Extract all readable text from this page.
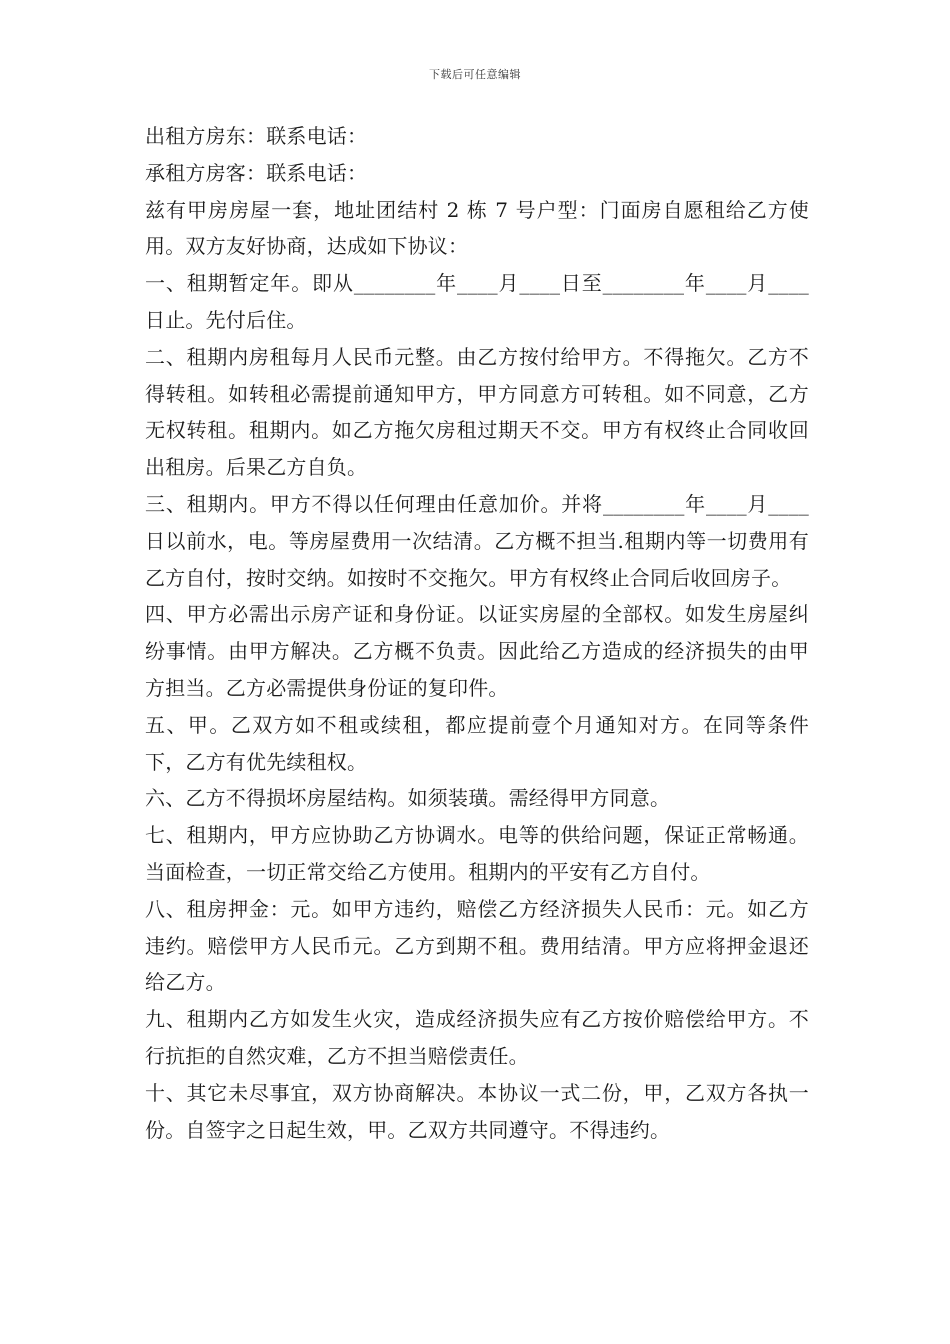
下载后可任意编辑

出租方房东：联系电话：

承租方房客：联系电话：

兹有甲房房屋一套，地址团结村 2 栋 7 号户型：门面房自愿租给乙方使用。双方友好协商，达成如下协议：

一、租期暂定年。即从________年____月____日至________年____月____日止。先付后住。

二、租期内房租每月人民币元整。由乙方按付给甲方。不得拖欠。乙方不得转租。如转租必需提前通知甲方，甲方同意方可转租。如不同意，乙方无权转租。租期内。如乙方拖欠房租过期天不交。甲方有权终止合同收回出租房。后果乙方自负。

三、租期内。甲方不得以任何理由任意加价。并将________年____月____日以前水，电。等房屋费用一次结清。乙方概不担当.租期内等一切费用有乙方自付，按时交纳。如按时不交拖欠。甲方有权终止合同后收回房子。

四、甲方必需出示房产证和身份证。以证实房屋的全部权。如发生房屋纠纷事情。由甲方解决。乙方概不负责。因此给乙方造成的经济损失的由甲方担当。乙方必需提供身份证的复印件。

五、甲。乙双方如不租或续租，都应提前壹个月通知对方。在同等条件下，乙方有优先续租权。

六、乙方不得损坏房屋结构。如须装璜。需经得甲方同意。

七、租期内，甲方应协助乙方协调水。电等的供给问题，保证正常畅通。当面检查，一切正常交给乙方使用。租期内的平安有乙方自付。

八、租房押金：元。如甲方违约，赔偿乙方经济损失人民币：元。如乙方违约。赔偿甲方人民币元。乙方到期不租。费用结清。甲方应将押金退还给乙方。

九、租期内乙方如发生火灾，造成经济损失应有乙方按价赔偿给甲方。不行抗拒的自然灾难，乙方不担当赔偿责任。

十、其它未尽事宜，双方协商解决。本协议一式二份，甲，乙双方各执一份。自签字之日起生效，甲。乙双方共同遵守。不得违约。
